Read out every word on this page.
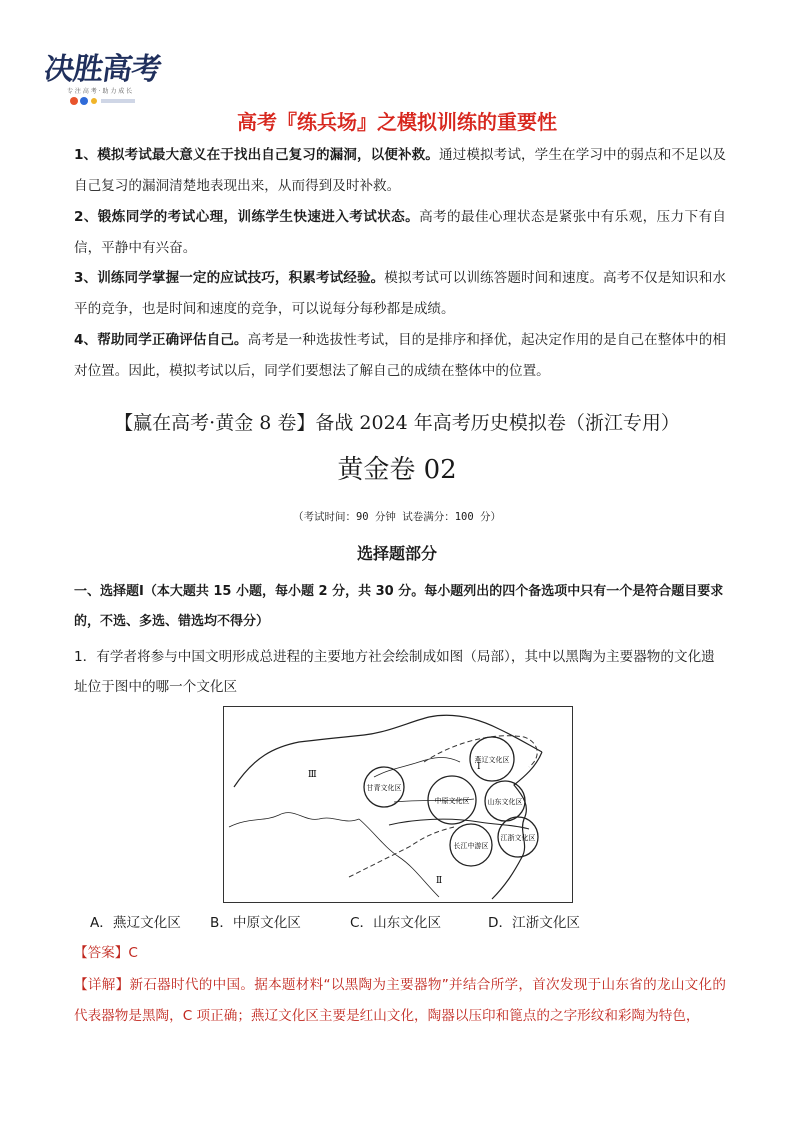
决胜高考
专 注 高 考 · 助 力 成 长
高考『练兵场』之模拟训练的重要性
1、模拟考试最大意义在于找出自己复习的漏洞，以便补救。通过模拟考试，学生在学习中的弱点和不足以及自己复习的漏洞清楚地表现出来，从而得到及时补救。
2、锻炼同学的考试心理，训练学生快速进入考试状态。高考的最佳心理状态是紧张中有乐观，压力下有自信，平静中有兴奋。
3、训练同学掌握一定的应试技巧，积累考试经验。模拟考试可以训练答题时间和速度。高考不仅是知识和水平的竞争，也是时间和速度的竞争，可以说每分每秒都是成绩。
4、帮助同学正确评估自己。高考是一种选拔性考试，目的是排序和择优，起决定作用的是自己在整体中的相对位置。因此，模拟考试以后，同学们要想法了解自己的成绩在整体中的位置。
【赢在高考·黄金 8 卷】备战 2024 年高考历史模拟卷（浙江专用）
黄金卷 02
（考试时间：90 分钟 试卷满分：100 分）
选择题部分
一、选择题Ⅰ（本大题共 15 小题，每小题 2 分，共 30 分。每小题列出的四个备选项中只有一个是符合题目要求的，不选、多选、错选均不得分）
1．有学者将参与中国文明形成总进程的主要地方社会绘制成如图（局部），其中以黑陶为主要器物的文化遗址位于图中的哪一个文化区
燕辽文化区
甘青文化区
中原文化区	山东文化区
长江中游区
江浙文化区
Ⅰ
Ⅱ
Ⅲ
A．燕辽文化区 B．中原文化区	C．山东文化区	D．江浙文化区
【答案】C
【详解】新石器时代的中国。据本题材料“以黑陶为主要器物”并结合所学，首次发现于山东省的龙山文化的代表器物是黑陶，C 项正确；燕辽文化区主要是红山文化，陶器以压印和篦点的之字形纹和彩陶为特色，
